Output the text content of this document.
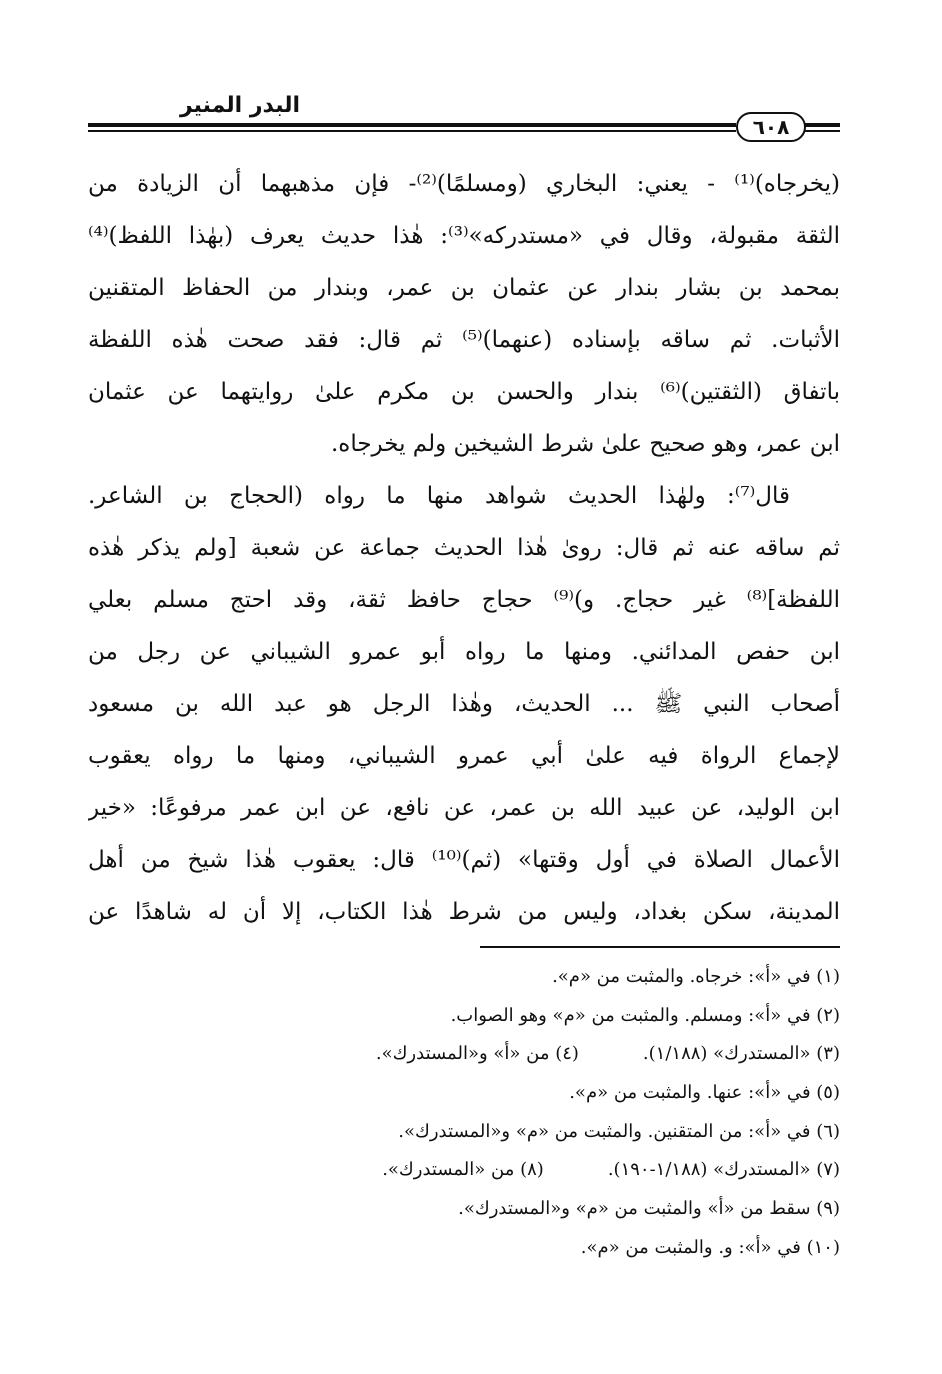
البدر المنير
٦٠٨
(يخرجاه)⁽¹⁾ - يعني: البخاري (ومسلمًا)⁽²⁾- فإن مذهبهما أن الزيادة من
الثقة مقبولة، وقال في «مستدركه»⁽³⁾: هٰذا حديث يعرف (بهٰذا اللفظ)⁽⁴⁾
بمحمد بن بشار بندار عن عثمان بن عمر، وبندار من الحفاظ المتقنين
الأثبات. ثم ساقه بإسناده (عنهما)⁽⁵⁾ ثم قال: فقد صحت هٰذه اللفظة
باتفاق (الثقتين)⁽⁶⁾ بندار والحسن بن مكرم علىٰ روايتهما عن عثمان
ابن عمر، وهو صحيح علىٰ شرط الشيخين ولم يخرجاه.
قال⁽⁷⁾: ولهٰذا الحديث شواهد منها ما رواه (الحجاج بن الشاعر.
ثم ساقه عنه ثم قال: رویٰ هٰذا الحديث جماعة عن شعبة [ولم يذكر هٰذه
اللفظة]⁽⁸⁾ غير حجاج. و)⁽⁹⁾ حجاج حافظ ثقة، وقد احتج مسلم بعلي
ابن حفص المدائني. ومنها ما رواه أبو عمرو الشيباني عن رجل من
أصحاب النبي ﷺ ... الحديث، وهٰذا الرجل هو عبد الله بن مسعود
لإجماع الرواة فيه علىٰ أبي عمرو الشيباني، ومنها ما رواه يعقوب
ابن الوليد، عن عبيد الله بن عمر، عن نافع، عن ابن عمر مرفوعًا: «خير
الأعمال الصلاة في أول وقتها» (ثم)⁽¹⁰⁾ قال: يعقوب هٰذا شيخ من أهل
المدينة، سكن بغداد، وليس من شرط هٰذا الكتاب، إلا أن له شاهدًا عن
(١) في «أ»: خرجاه. والمثبت من «م».
(٢) في «أ»: ومسلم. والمثبت من «م» وهو الصواب.
(٣) «المستدرك» (١/١٨٨).(٤) من «أ» و«المستدرك».
(٥) في «أ»: عنها. والمثبت من «م».
(٦) في «أ»: من المتقنين. والمثبت من «م» و«المستدرك».
(٧) «المستدرك» (١/١٨٨-١٩٠).(٨) من «المستدرك».
(٩) سقط من «أ» والمثبت من «م» و«المستدرك».
(١٠) في «أ»: و. والمثبت من «م».
